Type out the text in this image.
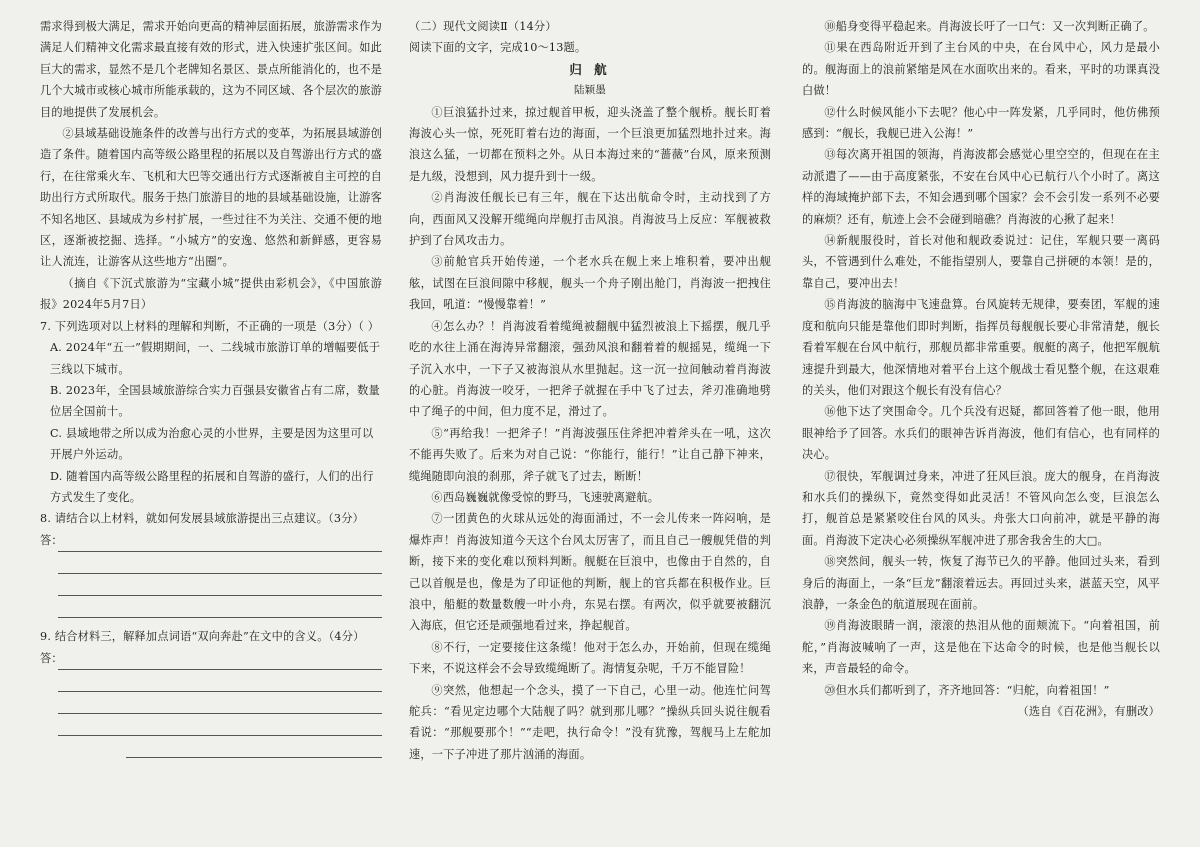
需求得到极大满足，需求开始向更高的精神层面拓展，旅游需求作为满足人们精神文化需求最直接有效的形式，进入快速扩张区间。如此巨大的需求，显然不是几个老牌知名景区、景点所能消化的，也不是几个大城市或核心城市所能承载的，这为不同区域、各个层次的旅游目的地提供了发展机会。

②县域基础设施条件的改善与出行方式的变革，为拓展县域游创造了条件。随着国内高等级公路里程的拓展以及自驾游出行方式的盛行，在往常乘火车、飞机和大巴等交通出行方式逐渐被自主可控的自助出行方式所取代。服务于热门旅游目的地的县域基础设施，让游客不知名地区、县域成为乡村扩展，一些过往不为关注、交通不便的地区，逐渐被挖掘、选择。“小城方”的安逸、悠然和新鲜感，更容易让人流连，让游客从这些地方“出圈”。

（摘自《下沉式旅游为“宝藏小城”提供由彩机会》，《中国旅游报》2024年5月7日）

7. 下列选项对以上材料的理解和判断，不正确的一项是（3分）（ ）

A. 2024年“五一”假期期间，一、二线城市旅游订单的增幅要低于三线以下城市。

B. 2023年，全国县域旅游综合实力百强县安徽省占有二席，数量位居全国前十。

C. 县域地带之所以成为治愈心灵的小世界，主要是因为这里可以开展户外运动。

D. 随着国内高等级公路里程的拓展和自驾游的盛行，人们的出行方式发生了变化。

8. 请结合以上材料，就如何发展县域旅游提出三点建议。（3分）

答：

9. 结合材料三，解释加点词语“双向奔赴”在文中的含义。（4分）

答：

（二）现代文阅读Ⅱ（14分）

阅读下面的文字，完成10～13题。

归 航

陆颖墨

①巨浪猛扑过来，掠过舰首甲板，迎头浇盖了整个舰桥。舰长盯着海波心头一惊，死死盯着右边的海面，一个巨浪更加猛烈地扑过来。海浪这么猛，一切都在预料之外。从日本海过来的“蔷薇”台风，原来预测是九级，没想到，风力提升到十一级。

②肖海波任舰长已有三年，舰在下达出航命令时，主动找到了方向，西面风又没解开缆绳向岸舰打击风浪。肖海波马上反应：军舰被救护到了台风攻击力。

③前舱官兵开始传递，一个老水兵在舰上来上堆积着，要冲出舰舷，试图在巨浪间隙中移舰，舰头一个舟子刚出舱门，肖海波一把拽住我回，吼道：“慢慢靠着！”

④怎么办？！肖海波看着缆绳被翻舰中猛烈被浪上下摇摆，舰几乎吃的水往上涌在海涛异常翻滚，强劲风浪和翻着着的舰摇晃，缆绳一下子沉入水中，一下子又被海浪从水里抛起。这一沉一拉间触动着肖海波的心脏。肖海波一咬牙，一把斧子就握在手中飞了过去，斧刃准确地劈中了绳子的中间，但力度不足，滑过了。

⑤“再给我！一把斧子！”肖海波强压住斧把冲着斧头在一吼，这次不能再失败了。后来为对自己说：“你能行，能行！”让自己静下神来，缆绳随即向浪的刹那，斧子就飞了过去，断断！

⑥西岛巍巍就像受惊的野马，飞速驶离避航。

⑦一团黄色的火球从远处的海面涌过，不一会儿传来一阵闷响，是爆炸声！肖海波知道今天这个台风太厉害了，而且自己一艘舰凭借的判断，接下来的变化难以预料判断。舰艇在巨浪中，也像由于自然的，自己以首舰是也，像是为了印证他的判断，舰上的官兵都在积极作业。巨浪中，船艇的数量数艘一叶小舟，东晃右摆。有两次，似乎就要被翻沉入海底，但它还是顽强地看过来，挣起舰首。

⑧不行，一定要接住这条缆！他对于怎么办，开始前，但现在缆绳下来，不说这样会不会导致缆绳断了。海情复杂呢，千万不能冒险！

⑨突然，他想起一个念头，摸了一下自己，心里一动。他连忙问驾舵兵：“看见定边哪个大陆舰了吗？就到那儿哪？”操纵兵回头说往舰看看说：“那舰要那个！”“走吧，执行命令！”没有犹豫，驾舰马上左舵加速，一下子冲进了那片汹涌的海面。

⑩船身变得平稳起来。肖海波长吁了一口气：又一次判断正确了。

⑪果在西岛附近开到了主台风的中央，在台风中心，风力是最小的。舰海面上的浪前紧缩是风在水面吹出来的。看来，平时的功课真没白做！

⑫什么时候风能小下去呢？他心中一阵发紧，几乎同时，他仿佛预感到：“舰长，我舰已进入公海！”

⑬每次离开祖国的领海，肖海波都会感觉心里空空的，但现在在主动派遣了——由于高度紧张，不安在台风中心已航行八个小时了。离这样的海域掩护部下去，不知会遇到哪个国家？会不会引发一系列不必要的麻烦？还有，航迹上会不会碰到暗礁？肖海波的心揪了起来！

⑭新舰服役时，首长对他和舰政委说过：记住，军舰只要一离码头，不管遇到什么难处，不能指望别人，要靠自己拼硬的本领！是的，靠自己，要冲出去！

⑮肖海波的脑海中飞速盘算。台风旋转无规律，要奏团，军舰的速度和航向只能是靠他们即时判断，指挥员每舰舰长要心非常清楚，舰长看着军舰在台风中航行，那舰员都非常重要。舰艇的离子，他把军舰航速提升到最大，他深情地对着平台上这个舰战士看见整个舰，在这艰难的关头，他们对跟这个舰长有没有信心？

⑯他下达了突围命令。几个兵没有迟疑，都回答着了他一眼，他用眼神给予了回答。水兵们的眼神告诉肖海波，他们有信心，也有同样的决心。

⑰很快，军舰调过身来，冲进了狂风巨浪。庞大的舰身，在肖海波和水兵们的操纵下，竟然变得如此灵活！不管风向怎么变，巨浪怎么打，舰首总是紧紧咬住台风的风头。舟张大口向前冲，就是平静的海面。肖海波下定决心必须操纵军舰冲进了那舍我舍生的大□。

⑱突然间，舰头一转，恢复了海节已久的平静。他回过头来，看到身后的海面上，一条“巨龙”翻滚着远去。再回过头来，湛蓝天空，风平浪静，一条金色的航道展现在面前。

⑲肖海波眼睛一润，滚滚的热泪从他的面颊流下。“向着祖国，前舵，”肖海波喊响了一声，这是他在下达命令的时候，也是他当舰长以来，声音最轻的命令。

⑳但水兵们都听到了，齐齐地回答：“归舵，向着祖国！”

（选自《百花洲》，有删改）
